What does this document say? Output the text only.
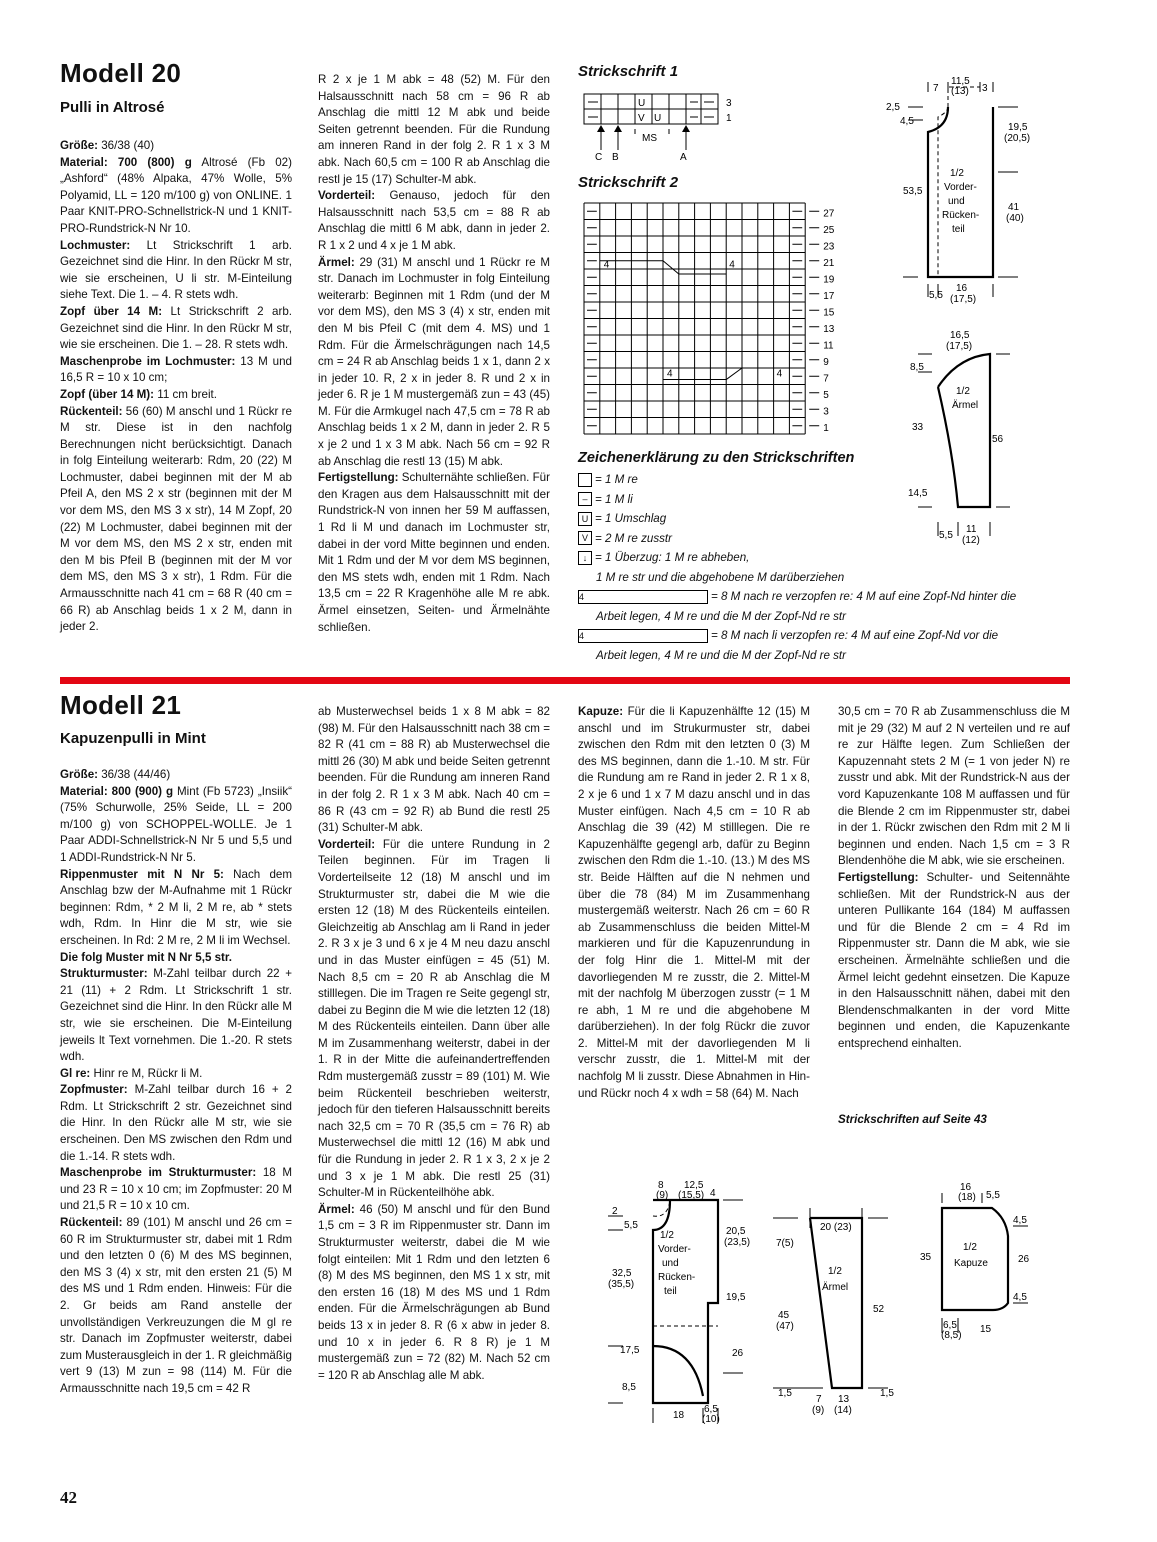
Modell 20
Pulli in Altrosé

Größe: 36/38 (40)

Material: 700 (800) g Altrosé (Fb 02) „Ashford“ (48% Alpaka, 47% Wolle, 5% Polyamid, LL = 120 m/100 g) von ONLINE. 1 Paar KNIT-PRO-Schnellstrick-N und 1 KNIT-PRO-Rundstrick-N Nr 10.

Lochmuster: Lt Strickschrift 1 arb. Gezeichnet sind die Hinr. In den Rückr M str, wie sie erscheinen, U li str. M-Einteilung siehe Text. Die 1. – 4. R stets wdh.

Zopf über 14 M: Lt Strickschrift 2 arb. Gezeichnet sind die Hinr. In den Rückr M str, wie sie erscheinen. Die 1. – 28. R stets wdh.

Maschenprobe im Lochmuster: 13 M und 16,5 R = 10 x 10 cm;

Zopf (über 14 M): 11 cm breit.

Rückenteil: 56 (60) M anschl und 1 Rückr re M str. Diese ist in den nachfolg Berechnungen nicht berücksichtigt. Danach in folg Einteilung weiterarb: Rdm, 20 (22) M Lochmuster, dabei beginnen mit der M ab Pfeil A, den MS 2 x str (beginnen mit der M vor dem MS, den MS 3 x str), 14 M Zopf, 20 (22) M Lochmuster, dabei beginnen mit der M vor dem MS, den MS 2 x str, enden mit den M bis Pfeil B (beginnen mit der M vor dem MS, den MS 3 x str), 1 Rdm. Für die Armausschnitte nach 41 cm = 68 R (40 cm = 66 R) ab Anschlag beids 1 x 2 M, dann in jeder 2.

R 2 x je 1 M abk = 48 (52) M. Für den Halsausschnitt nach 58 cm = 96 R ab Anschlag die mittl 12 M abk und beide Seiten getrennt beenden. Für die Rundung am inneren Rand in der folg 2. R 1 x 3 M abk. Nach 60,5 cm = 100 R ab Anschlag die restl je 15 (17) Schulter-M abk.

Vorderteil: Genauso, jedoch für den Halsausschnitt nach 53,5 cm = 88 R ab Anschlag die mittl 6 M abk, dann in jeder 2. R 1 x 2 und 4 x je 1 M abk.

Ärmel: 29 (31) M anschl und 1 Rückr re M str. Danach im Lochmuster in folg Einteilung weiterarb: Beginnen mit 1 Rdm (und der M vor dem MS), den MS 3 (4) x str, enden mit den M bis Pfeil C (mit dem 4. MS) und 1 Rdm. Für die Ärmelschrägungen nach 14,5 cm = 24 R ab Anschlag beids 1 x 1, dann 2 x in jeder 10. R, 2 x in jeder 8. R und 2 x in jeder 6. R je 1 M mustergemäß zun = 43 (45) M. Für die Armkugel nach 47,5 cm = 78 R ab Anschlag beids 1 x 2 M, dann in jeder 2. R 5 x je 2 und 1 x 3 M abk. Nach 56 cm = 92 R ab Anschlag die restl 13 (15) M abk.

Fertigstellung: Schulternähte schließen. Für den Kragen aus dem Halsausschnitt mit der Rundstrick-N von innen her 59 M auffassen, 1 Rd li M und danach im Lochmuster str, dabei in der vord Mitte beginnen und enden. Mit 1 Rdm und der M vor dem MS beginnen, den MS stets wdh, enden mit 1 Rdm. Nach 13,5 cm = 22 R Kragenhöhe alle M re abk. Ärmel einsetzen, Seiten- und Ärmelnähte schließen.

Strickschrift 1
Strickschrift 2
U
V U
MS
C B	A
3
1
27
25
23
21
19
17
15
13
11
9
7
5
3
1
4	4
4	4
Zeichenerklärung zu den Strickschriften
= 1 M re
– = 1 M li
U = 1 Umschlag
V = 2 M re zusstr
↓ = 1 Überzug: 1 M re abheben,
1 M re str und die abgehobene M darüberziehen
4	= 8 M nach re verzopfen re: 4 M auf eine Zopf-Nd hinter die
Arbeit legen, 4 M re und die M der Zopf-Nd re str
4	= 8 M nach li verzopfen re: 4 M auf eine Zopf-Nd vor die
Arbeit legen, 4 M re und die M der Zopf-Nd re str
7
11,5
(13) 3
2,5
4,5
19,5
(20,5)
53,5
41
(40)
1/2
Vorder-
und
Rücken-
teil
5,5
16
(17,5)
16,5
(17,5)
8,5
1/2
Ärmel
33
56
14,5
5,5
11
(12)
Modell 21
Kapuzenpulli in Mint

Größe: 36/38 (44/46)

Material: 800 (900) g Mint (Fb 5723) „Insiik“ (75% Schurwolle, 25% Seide, LL = 200 m/100 g) von SCHOPPEL-WOLLE. Je 1 Paar ADDI-Schnellstrick-N Nr 5 und 5,5 und 1 ADDI-Rundstrick-N Nr 5.

Rippenmuster mit N Nr 5: Nach dem Anschlag bzw der M-Aufnahme mit 1 Rückr beginnen: Rdm, * 2 M li, 2 M re, ab * stets wdh, Rdm. In Hinr die M str, wie sie erscheinen. In Rd: 2 M re, 2 M li im Wechsel.

Die folg Muster mit N Nr 5,5 str.

Strukturmuster: M-Zahl teilbar durch 22 + 21 (11) + 2 Rdm. Lt Strickschrift 1 str. Gezeichnet sind die Hinr. In den Rückr alle M str, wie sie erscheinen. Die M-Einteilung jeweils lt Text vornehmen. Die 1.-20. R stets wdh.

Gl re: Hinr re M, Rückr li M.

Zopfmuster: M-Zahl teilbar durch 16 + 2 Rdm. Lt Strickschrift 2 str. Gezeichnet sind die Hinr. In den Rückr alle M str, wie sie erscheinen. Den MS zwischen den Rdm und die 1.-14. R stets wdh.

Maschenprobe im Strukturmuster: 18 M und 23 R = 10 x 10 cm; im Zopfmuster: 20 M und 21,5 R = 10 x 10 cm.

Rückenteil: 89 (101) M anschl und 26 cm = 60 R im Strukturmuster str, dabei mit 1 Rdm und den letzten 0 (6) M des MS beginnen, den MS 3 (4) x str, mit den ersten 21 (5) M des MS und 1 Rdm enden. Hinweis: Für die 2. Gr beids am Rand anstelle der unvollständigen Verkreuzungen die M gl re str. Danach im Zopfmuster weiterstr, dabei zum Musterausgleich in der 1. R gleichmäßig vert 9 (13) M zun = 98 (114) M. Für die Armausschnitte nach 19,5 cm = 42 R

ab Musterwechsel beids 1 x 8 M abk = 82 (98) M. Für den Halsausschnitt nach 38 cm = 82 R (41 cm = 88 R) ab Musterwechsel die mittl 26 (30) M abk und beide Seiten getrennt beenden. Für die Rundung am inneren Rand in der folg 2. R 1 x 3 M abk. Nach 40 cm = 86 R (43 cm = 92 R) ab Bund die restl 25 (31) Schulter-M abk.

Vorderteil: Für die untere Rundung in 2 Teilen beginnen. Für im Tragen li Vorderteilseite 12 (18) M anschl und im Strukturmuster str, dabei die M wie die ersten 12 (18) M des Rückenteils einteilen. Gleichzeitig ab Anschlag am li Rand in jeder 2. R 3 x je 3 und 6 x je 4 M neu dazu anschl und in das Muster einfügen = 45 (51) M. Nach 8,5 cm = 20 R ab Anschlag die M stilllegen. Die im Tragen re Seite gegengl str, dabei zu Beginn die M wie die letzten 12 (18) M des Rückenteils einteilen. Dann über alle M im Zusammenhang weiterstr, dabei in der 1. R in der Mitte die aufeinandertreffenden Rdm mustergemäß zusstr = 89 (101) M. Wie beim Rückenteil beschrieben weiterstr, jedoch für den tieferen Halsausschnitt bereits nach 32,5 cm = 70 R (35,5 cm = 76 R) ab Musterwechsel die mittl 12 (16) M abk und für die Rundung in jeder 2. R 1 x 3, 2 x je 2 und 3 x je 1 M abk. Die restl 25 (31) Schulter-M in Rückenteilhöhe abk.

Ärmel: 46 (50) M anschl und für den Bund 1,5 cm = 3 R im Rippenmuster str. Dann im Strukturmuster weiterstr, dabei die M wie folgt einteilen: Mit 1 Rdm und den letzten 6 (8) M des MS beginnen, den MS 1 x str, mit den ersten 16 (18) M des MS und 1 Rdm enden. Für die Ärmelschrägungen ab Bund beids 13 x in jeder 8. R (6 x abw in jeder 8. und 10 x in jeder 6. R 8 R) je 1 M mustergemäß zun = 72 (82) M. Nach 52 cm = 120 R ab Anschlag alle M abk.

Kapuze: Für die li Kapuzenhälfte 12 (15) M anschl und im Strukurmuster str, dabei zwischen den Rdm mit den letzten 0 (3) M des MS beginnen, dann die 1.-10. M str. Für die Rundung am re Rand in jeder 2. R 1 x 8, 2 x je 6 und 1 x 7 M dazu anschl und in das Muster einfügen. Nach 4,5 cm = 10 R ab Anschlag die 39 (42) M stilllegen. Die re Kapuzenhälfte gegengl arb, dafür zu Beginn zwischen den Rdm die 1.-10. (13.) M des MS str. Beide Hälften auf die N nehmen und über die 78 (84) M im Zusammenhang mustergemäß weiterstr. Nach 26 cm = 60 R ab Zusammenschluss die beiden Mittel-M markieren und für die Kapuzenrundung in der folg Hinr die 1. Mittel-M mit der davorliegenden M re zusstr, die 2. Mittel-M mit der nachfolg M überzogen zusstr (= 1 M re abh, 1 M re und die abgehobene M darüberziehen). In der folg Rückr die zuvor 2. Mittel-M mit der davorliegenden M li verschr zusstr, die 1. Mittel-M mit der nachfolg M li zusstr. Diese Abnahmen in Hin- und Rückr noch 4 x wdh = 58 (64) M. Nach

30,5 cm = 70 R ab Zusammenschluss die M mit je 29 (32) M auf 2 N verteilen und re auf re zur Hälfte legen. Zum Schließen der Kapuzennaht stets 2 M (= 1 von jeder N) re zusstr und abk. Mit der Rundstrick-N aus der vord Kapuzenkante 108 M auffassen und für die Blende 2 cm im Rippenmuster str, dabei in der 1. Rückr zwischen den Rdm mit 2 M li beginnen und enden. Nach 1,5 cm = 3 R Blendenhöhe die M abk, wie sie erscheinen.

Fertigstellung: Schulter- und Seitennähte schließen. Mit der Rundstrick-N aus der unteren Pullikante 164 (184) M auffassen und für die Blende 2 cm = 4 Rd im Rippenmuster str. Dann die M abk, wie sie erscheinen. Ärmelnähte schließen und die Ärmel leicht gedehnt einsetzen. Die Kapuze in den Halsausschnitt nähen, dabei mit den Blendenschmalkanten in der vord Mitte beginnen und enden, die Kapuzenkante entsprechend einhalten.

Strickschriften auf Seite 43
8
(9)
12,5
(15,5) 4
2
5,5
20,5
(23,5)
32,5
(35,5)
19,5
17,5
8,5
26
18
6,5
(10)
1/2
Vorder-
und
Rücken-
teil
20 (23)
7(5)
1/2
Ärmel
45
(47)
52
1,5	1,5
7
(9)
13
(14)
16
(18) 5,5
4,5
35	26
1/2
Kapuze
4,5
6,5
(8,5)
15
42
